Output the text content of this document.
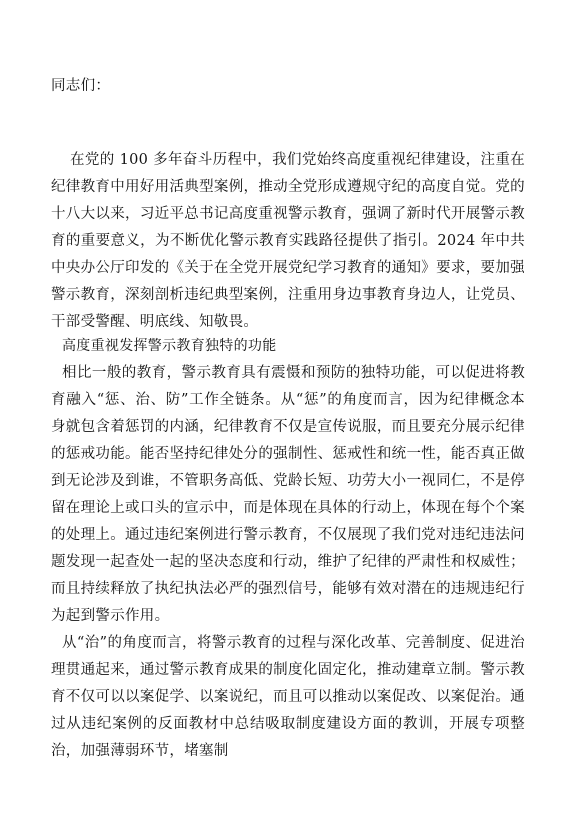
同志们：

在党的 100 多年奋斗历程中，我们党始终高度重视纪律建设，注重在纪律教育中用好用活典型案例，推动全党形成遵规守纪的高度自觉。党的十八大以来，习近平总书记高度重视警示教育，强调了新时代开展警示教育的重要意义，为不断优化警示教育实践路径提供了指引。2024 年中共中央办公厅印发的《关于在全党开展党纪学习教育的通知》要求，要加强警示教育，深刻剖析违纪典型案例，注重用身边事教育身边人，让党员、干部受警醒、明底线、知敬畏。

高度重视发挥警示教育独特的功能

相比一般的教育，警示教育具有震慑和预防的独特功能，可以促进将教育融入“惩、治、防”工作全链条。从“惩”的角度而言，因为纪律概念本身就包含着惩罚的内涵，纪律教育不仅是宣传说服，而且要充分展示纪律的惩戒功能。能否坚持纪律处分的强制性、惩戒性和统一性，能否真正做到无论涉及到谁，不管职务高低、党龄长短、功劳大小一视同仁，不是停留在理论上或口头的宣示中，而是体现在具体的行动上，体现在每个个案的处理上。通过违纪案例进行警示教育，不仅展现了我们党对违纪违法问题发现一起查处一起的坚决态度和行动，维护了纪律的严肃性和权威性；而且持续释放了执纪执法必严的强烈信号，能够有效对潜在的违规违纪行为起到警示作用。

从“治”的角度而言，将警示教育的过程与深化改革、完善制度、促进治理贯通起来，通过警示教育成果的制度化固定化，推动建章立制。警示教育不仅可以以案促学、以案说纪，而且可以推动以案促改、以案促治。通过从违纪案例的反面教材中总结吸取制度建设方面的教训，开展专项整治，加强薄弱环节，堵塞制
